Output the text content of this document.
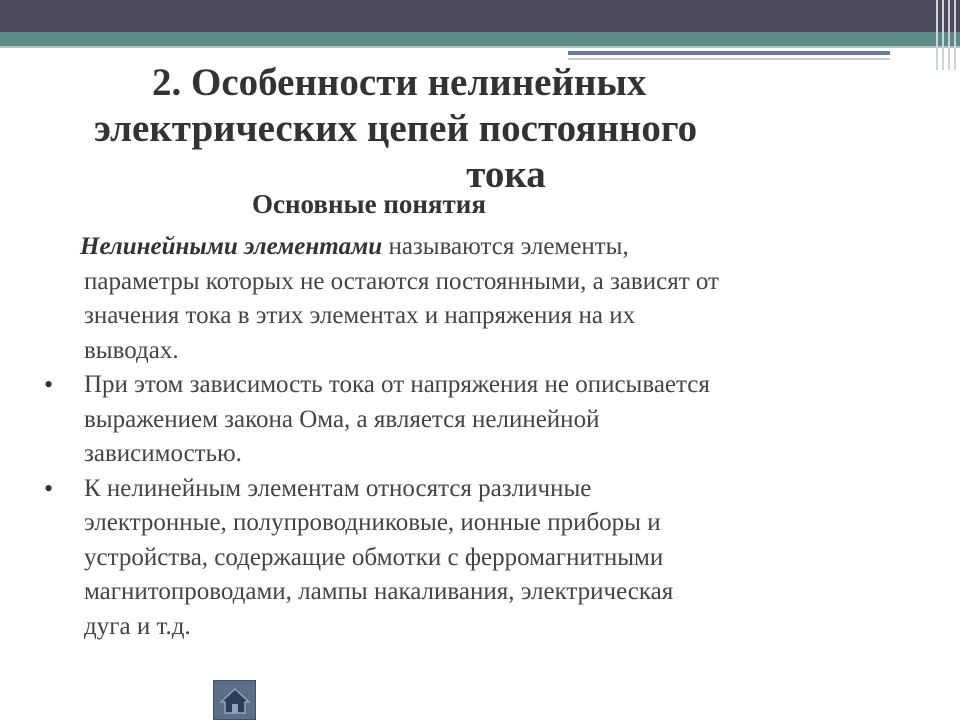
2. Особенности нелинейных
электрических цепей постоянного
тока
Основные понятия

Нелинейными элементами называются элементы,
параметры которых не остаются постоянными, а зависят от
значения тока в этих элементах и напряжения на их
выводах.

• При этом зависимость тока от напряжения не описывается
выражением закона Ома, а является нелинейной
зависимостью.

• К нелинейным элементам относятся различные
электронные, полупроводниковые, ионные приборы и
устройства, содержащие обмотки с ферромагнитными
магнитопроводами, лампы накаливания, электрическая
дуга и т.д.
